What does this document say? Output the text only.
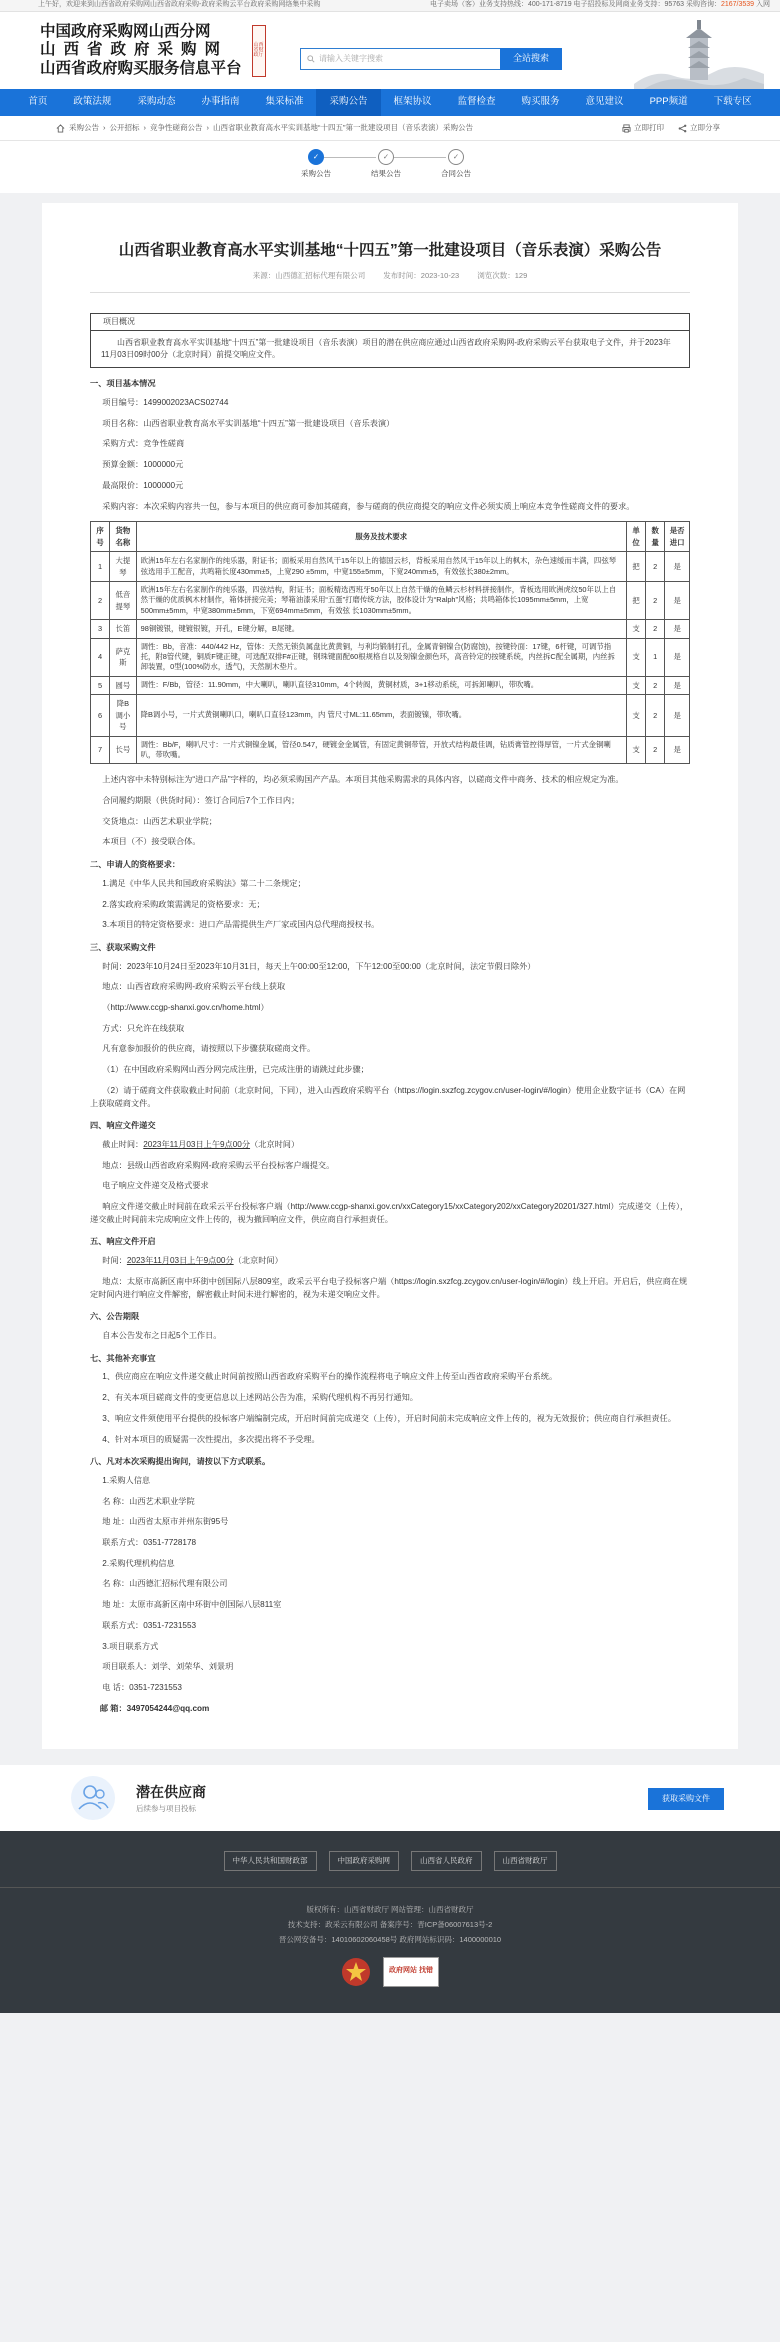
上午好，欢迎来到山西省政府采购网山西省政府采购-政府采购云平台政府采购网络集中采购	电子卖场（客）业务支持热线：400-171-8719 电子招投标及网商业务支持：95763 采购咨询：2167/3539 入网
中国政府采购网山西分网
山西省政府采购网
山西省政府购买服务信息平台
山西省财政厅	请输入关键字搜索	全站搜索
首页	政策法规	采购动态	办事指南	集采标准	采购公告	框架协议	监督检查	购买服务	意见建议	PPP频道	下载专区
采购公告 › 公开招标 › 竞争性磋商公告 › 山西省职业教育高水平实训基地“十四五”第一批建设项目（音乐表演）采购公告	立即打印	立即分享
✓
采购公告
✓
结果公告
✓
合同公告
山西省职业教育高水平实训基地“十四五”第一批建设项目（音乐表演）采购公告
来源：山西德汇招标代理有限公司 发布时间：2023-10-23 浏览次数：129
项目概况
山西省职业教育高水平实训基地“十四五”第一批建设项目（音乐表演）项目的潜在供应商应通过山西省政府采购网-政府采购云平台获取电子文件，并于2023年11月03日09时00分（北京时间）前提交响应文件。
一、项目基本情况

项目编号：1499002023ACS02744

项目名称：山西省职业教育高水平实训基地“十四五”第一批建设项目（音乐表演）

采购方式：竞争性磋商

预算金额：1000000元

最高限价：1000000元

采购内容：本次采购内容共一包，参与本项目的供应商可参加其磋商，参与磋商的供应商提交的响应文件必须实质上响应本竞争性磋商文件的要求。

序号	货物名称	服务及技术要求	单位	数量	是否进口
1	大提琴	欧洲15年左右名家制作的纯乐器，附证书；面板采用自然风干15年以上的德国云杉，背板采用自然风干15年以上的枫木，杂色速缓而丰满，四弦琴弦选用手工配音，共鸣箱长度430mm±5，上宽290 ±5mm，中宽155±5mm，下宽240mm±5，有效弦长380±2mm。	把	2	是
2	低音提琴	欧洲15年左右名家制作的纯乐器，四弦结构，附证书；面板精选西班牙50年以上自然干燥的鱼鳞云杉材料拼接制作，背板选用欧洲虎纹50年以上自然干燥的优质枫木材制作，箱体拼接完美；琴箱油漆采用“五蛋”打磨传统方法，胶体设计为“Ralph”风格；共鸣箱体长1095mm±5mm，上宽500mm±5mm，中宽380mm±5mm，下宽694mm±5mm，有效弦 长1030mm±5mm。	把	2	是
3	长笛	98铜镀银，键镀银镀，开孔，E键分解，B尾键。	支	2	是
4	萨克斯	调性：Bb，音准：440/442 Hz，管体：天然无锁负属盘比黄黄铜，与利均锻制打孔，金属青铜镍合(防腐蚀)，按键铃面：17键，6杆键，可调节指托，附8管代键，铜质F键正键，可选配双排F#正键，钢珠键面配60根规格自以及刻镍金颜色环，高音铃定的按键系统，内丝拆C配全属期，内丝拆卸装置，0型(100%防水，透气)，天然制木垫片。	支	1	是
5	圆号	调性：F/Bb，管径：11.90mm，中大喇叭，喇叭直径310mm，4个转阀，黄铜材质，3+1移动系统，可拆卸喇叭，带吹嘴。	支	2	是
6	降B调小号	降B调小号，一片式黄铜喇叭口，喇叭口直径123mm，内 管尺寸ML:11.65mm，表面镀镍，带吹嘴。	支	2	是
7	长号	调性：Bb/F，喇叭尺寸：一片式铜镍金属，管径0.547，硬镀金金属管，有固定黄铜带管，开放式结构最佳调，钻质膏管控得厚管，一片式金铜喇叭，带吹嘴。	支	2	是

上述内容中未特别标注为“进口产品”字样的，均必须采购国产产品。本项目其他采购需求的具体内容，以磋商文件中商务、技术的相应规定为准。

合同履约期限（供货时间）：签订合同后7个工作日内；

交货地点：山西艺术职业学院；

本项目（不）接受联合体。

二、申请人的资格要求：

1.满足《中华人民共和国政府采购法》第二十二条规定；

2.落实政府采购政策需满足的资格要求：无；

3.本项目的特定资格要求：进口产品需提供生产厂家或国内总代理商授权书。

三、获取采购文件

时间：2023年10月24日至2023年10月31日，每天上午00:00至12:00，下午12:00至00:00（北京时间，法定节假日除外）

地点：山西省政府采购网-政府采购云平台线上获取

（http://www.ccgp-shanxi.gov.cn/home.html）

方式：只允许在线获取

凡有意参加报价的供应商，请按照以下步骤获取磋商文件。

（1）在中国政府采购网山西分网完成注册，已完成注册的请跳过此步骤；

（2）请于磋商文件获取截止时间前（北京时间，下同），进入山西政府采购平台（https://login.sxzfcg.zcygov.cn/user-login/#/login）使用企业数字证书（CA）在网上获取磋商文件。

四、响应文件递交

截止时间：2023年11月03日上午9点00分（北京时间）

地点：县级山西省政府采购网-政府采购云平台投标客户端提交。

电子响应文件递交及格式要求

响应文件递交截止时间前在政采云平台投标客户端（http://www.ccgp-shanxi.gov.cn/xxCategory15/xxCategory202/xxCategory20201/327.html）完成递交（上传），递交截止时间前未完成响应文件上传的，视为撤回响应文件，供应商自行承担责任。

五、响应文件开启

时间：2023年11月03日上午9点00分（北京时间）

地点：太原市高新区南中环街中创国际八层809室，政采云平台电子投标客户端（https://login.sxzfcg.zcygov.cn/user-login/#/login）线上开启。开启后，供应商在规定时间内进行响应文件解密，解密截止时间未进行解密的，视为未递交响应文件。

六、公告期限

自本公告发布之日起5个工作日。

七、其他补充事宜

1、供应商应在响应文件递交截止时间前按照山西省政府采购平台的操作流程将电子响应文件上传至山西省政府采购平台系统。

2、有关本项目磋商文件的变更信息以上述网站公告为准，采购代理机构不再另行通知。

3、响应文件须使用平台提供的投标客户端编制完成，开启时间前完成递交（上传），开启时间前未完成响应文件上传的，视为无效报价；供应商自行承担责任。

4、针对本项目的质疑需一次性提出，多次提出将不予受理。

八、凡对本次采购提出询问，请按以下方式联系。

1.采购人信息

名 称：山西艺术职业学院

地 址：山西省太原市并州东街95号

联系方式：0351-7728178

2.采购代理机构信息

名 称：山西德汇招标代理有限公司

地 址：太原市高新区南中环街中创国际八层811室

联系方式：0351-7231553

3.项目联系方式

项目联系人：刘学、刘荣华、刘景玥

电 话：0351-7231553

邮 箱：3497054244@qq.com

潜在供应商
后续参与项目投标
获取采购文件
中华人民共和国财政部	中国政府采购网	山西省人民政府	山西省财政厅
版权所有：山西省财政厅 网站管理：山西省财政厅
技术支持：政采云有限公司 备案序号：晋ICP备06007613号-2
晋公网安备号：14010602060458号 政府网站标识码：1400000010
政府网站 找错
